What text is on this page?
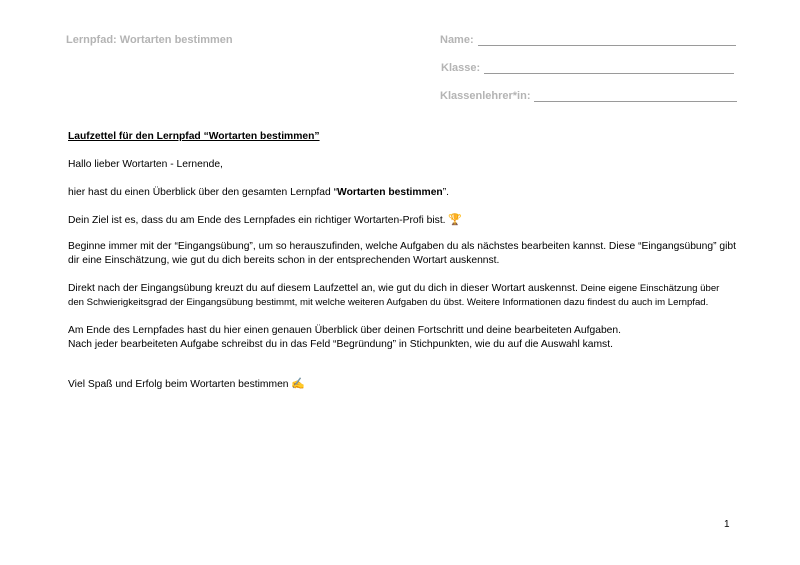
Lernpfad: Wortarten bestimmen	Name:
Klasse:
Klassenlehrer*in:

Laufzettel für den Lernpfad “Wortarten bestimmen”

Hallo lieber Wortarten - Lernende,

hier hast du einen Überblick über den gesamten Lernpfad “Wortarten bestimmen”.

Dein Ziel ist es, dass du am Ende des Lernpfades ein richtiger Wortarten-Profi bist. 🏆

Beginne immer mit der “Eingangsübung”, um so herauszufinden, welche Aufgaben du als nächstes bearbeiten kannst. Diese “Eingangsübung” gibt dir eine Einschätzung, wie gut du dich bereits schon in der entsprechenden Wortart auskennst.

Direkt nach der Eingangsübung kreuzt du auf diesem Laufzettel an, wie gut du dich in dieser Wortart auskennst. Deine eigene Einschätzung über den Schwierigkeitsgrad der Eingangsübung bestimmt, mit welche weiteren Aufgaben du übst. Weitere Informationen dazu findest du auch im Lernpfad.

Am Ende des Lernpfades hast du hier einen genauen Überblick über deinen Fortschritt und deine bearbeiteten Aufgaben.
Nach jeder bearbeiteten Aufgabe schreibst du in das Feld “Begründung” in Stichpunkten, wie du auf die Auswahl kamst.

Viel Spaß und Erfolg beim Wortarten bestimmen ✍

1
